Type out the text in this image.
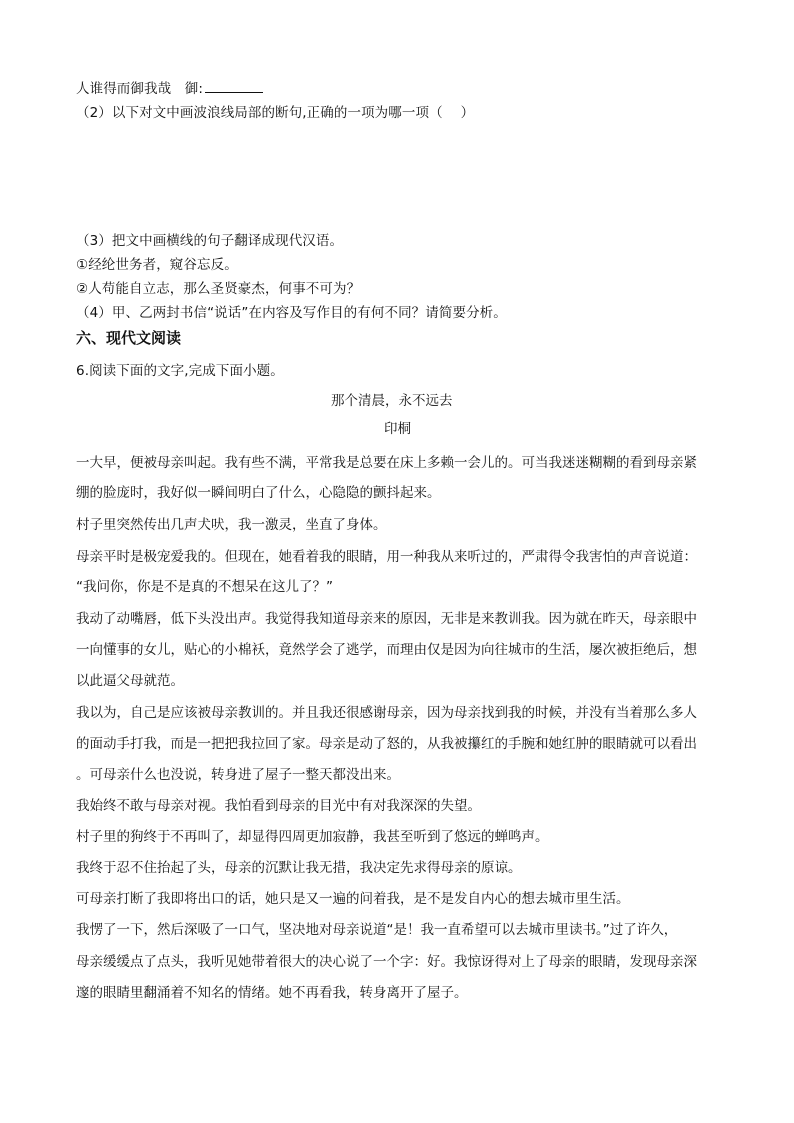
人谁得而御我哉　御:
（2）以下对文中画波浪线局部的断句,正确的一项为哪一项（　 ）
（3）把文中画横线的句子翻译成现代汉语。
①经纶世务者，窥谷忘反。
②人苟能自立志，那么圣贤豪杰，何事不可为？
（4）甲、乙两封书信“说话”在内容及写作目的有何不同？请简要分析。
六、现代文阅读
6.阅读下面的文字,完成下面小题。
那个清晨，永不远去
印桐
一大早，便被母亲叫起。我有些不满，平常我是总要在床上多赖一会儿的。可当我迷迷糊糊的看到母亲紧
绷的脸庞时，我好似一瞬间明白了什么，心隐隐的颤抖起来。
村子里突然传出几声犬吠，我一激灵，坐直了身体。
母亲平时是极宠爱我的。但现在，她看着我的眼睛，用一种我从来听过的，严肃得令我害怕的声音说道：
“我问你，你是不是真的不想呆在这儿了？”
我动了动嘴唇，低下头没出声。我觉得我知道母亲来的原因，无非是来教训我。因为就在昨天，母亲眼中
一向懂事的女儿，贴心的小棉袄，竟然学会了逃学，而理由仅是因为向往城市的生活，屡次被拒绝后，想
以此逼父母就范。
我以为，自己是应该被母亲教训的。并且我还很感谢母亲，因为母亲找到我的时候，并没有当着那么多人
的面动手打我，而是一把把我拉回了家。母亲是动了怒的，从我被攥红的手腕和她红肿的眼睛就可以看出
。可母亲什么也没说，转身进了屋子一整天都没出来。
我始终不敢与母亲对视。我怕看到母亲的目光中有对我深深的失望。
村子里的狗终于不再叫了，却显得四周更加寂静，我甚至听到了悠远的蝉鸣声。
我终于忍不住抬起了头，母亲的沉默让我无措，我决定先求得母亲的原谅。
可母亲打断了我即将出口的话，她只是又一遍的问着我，是不是发自内心的想去城市里生活。
我愣了一下，然后深吸了一口气，坚决地对母亲说道“是！我一直希望可以去城市里读书。”过了许久，
母亲缓缓点了点头，我听见她带着很大的决心说了一个字：好。我惊讶得对上了母亲的眼睛，发现母亲深
邃的眼睛里翻涌着不知名的情绪。她不再看我，转身离开了屋子。
